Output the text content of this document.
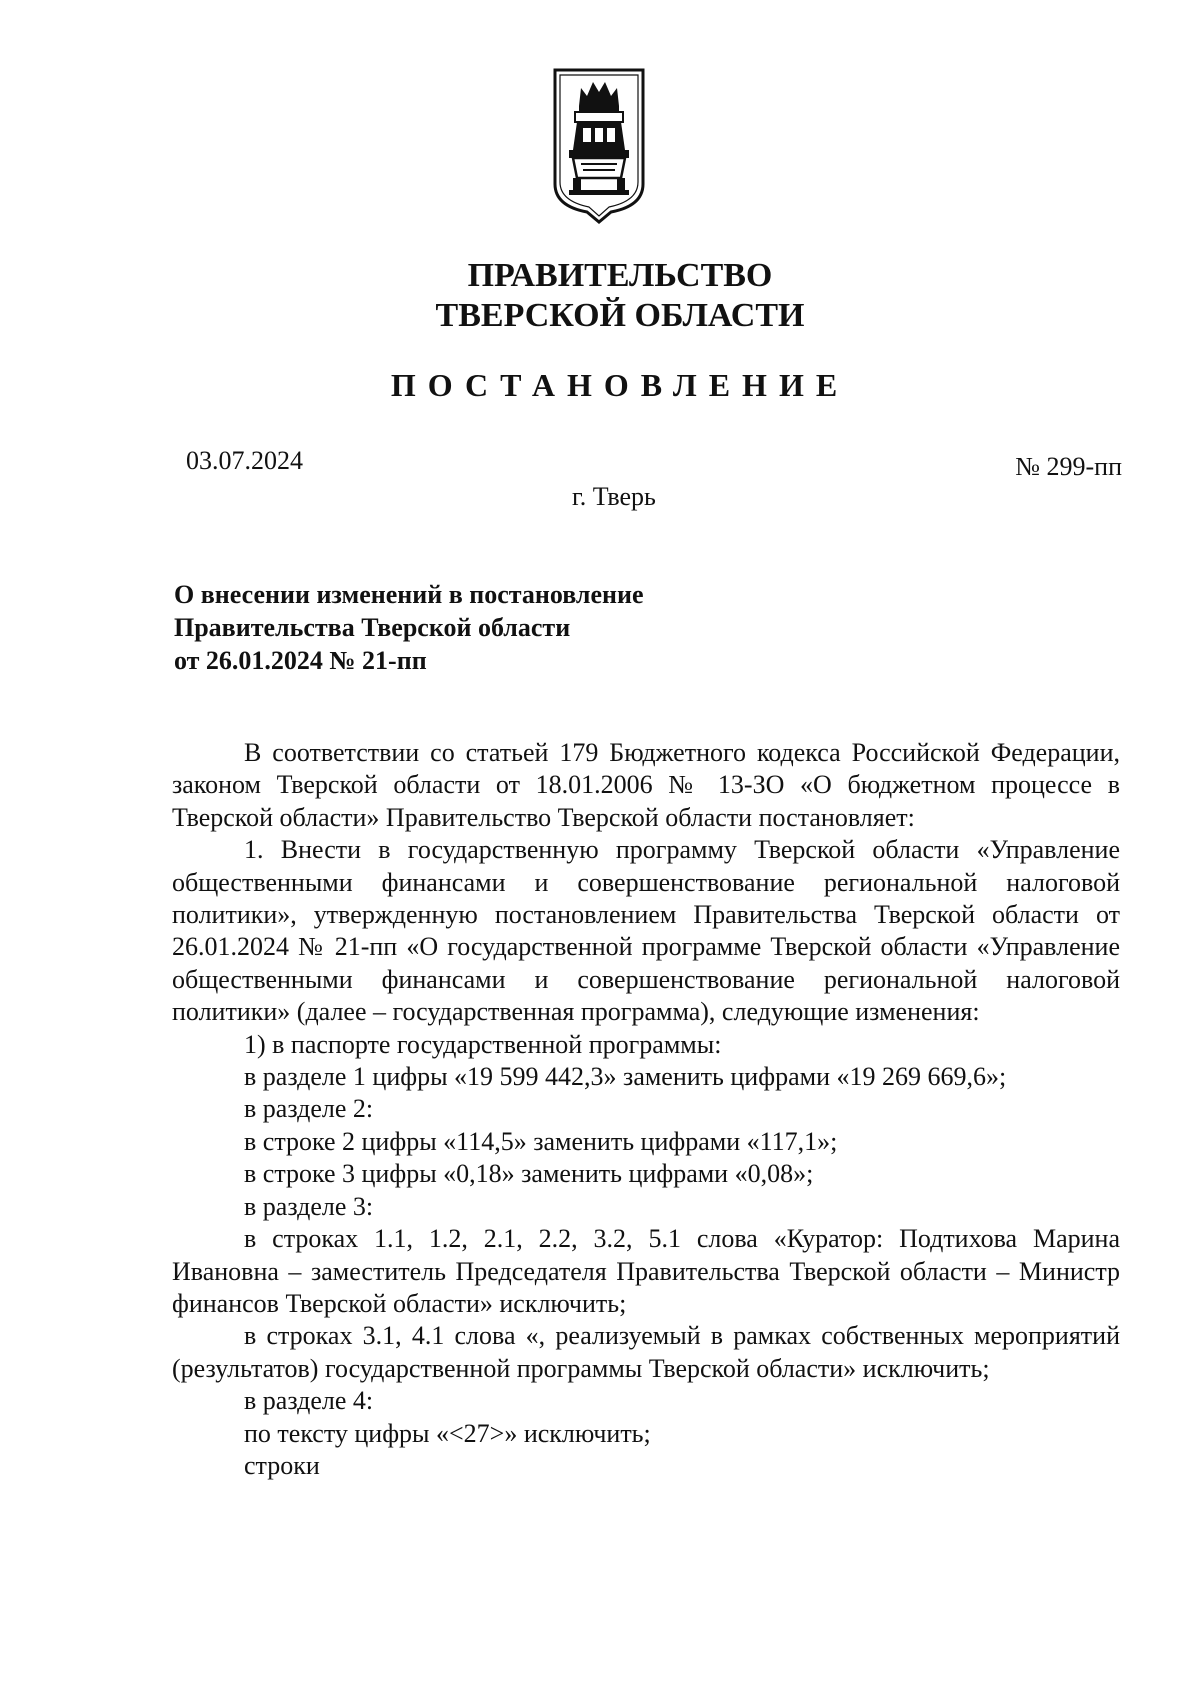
ПРАВИТЕЛЬСТВО
ТВЕРСКОЙ ОБЛАСТИ
ПОСТАНОВЛЕНИЕ
03.07.2024	№ 299-пп
г. Тверь
О внесении изменений в постановление
Правительства Тверской области
от 26.01.2024 № 21-пп

В соответствии со статьей 179 Бюджетного кодекса Российской Федерации, законом Тверской области от 18.01.2006 № 13-ЗО «О бюджетном процессе в Тверской области» Правительство Тверской области постановляет:

1. Внести в государственную программу Тверской области «Управление общественными финансами и совершенствование региональной налоговой политики», утвержденную постановлением Правительства Тверской области от 26.01.2024 № 21-пп «О государственной программе Тверской области «Управление общественными финансами и совершенствование региональной налоговой политики» (далее – государственная программа), следующие изменения:

1) в паспорте государственной программы:

в разделе 1 цифры «19 599 442,3» заменить цифрами «19 269 669,6»;

в разделе 2:

в строке 2 цифры «114,5» заменить цифрами «117,1»;

в строке 3 цифры «0,18» заменить цифрами «0,08»;

в разделе 3:

в строках 1.1, 1.2, 2.1, 2.2, 3.2, 5.1 слова «Куратор: Подтихова Марина Ивановна – заместитель Председателя Правительства Тверской области – Министр финансов Тверской области» исключить;

в строках 3.1, 4.1 слова «, реализуемый в рамках собственных мероприятий (результатов) государственной программы Тверской области» исключить;

в разделе 4:

по тексту цифры «<27>» исключить;

строки
